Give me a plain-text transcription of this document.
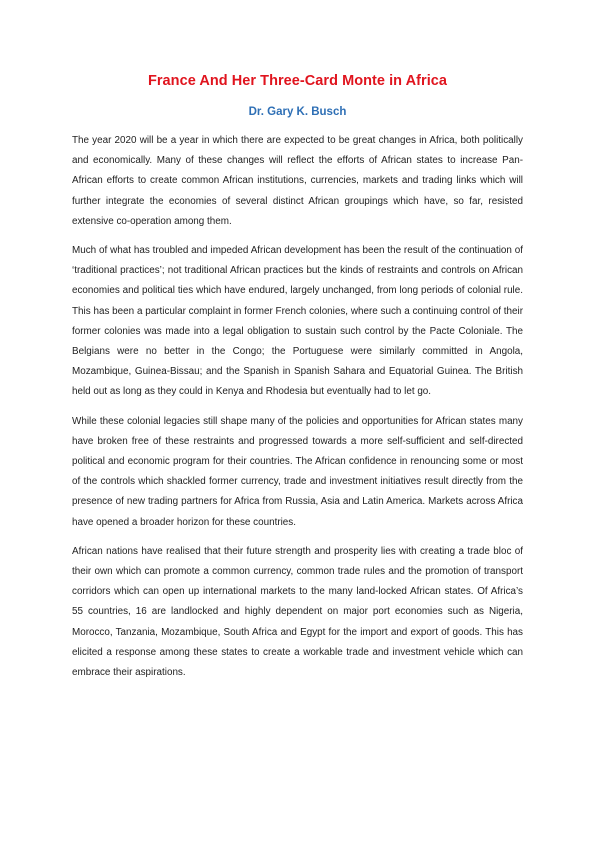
France And Her Three-Card Monte in Africa
Dr. Gary K. Busch

The year 2020 will be a year in which there are expected to be great changes in Africa, both politically and economically. Many of these changes will reflect the efforts of African states to increase Pan-African efforts to create common African institutions, currencies, markets and trading links which will further integrate the economies of several distinct African groupings which have, so far, resisted extensive co-operation among them.

Much of what has troubled and impeded African development has been the result of the continuation of ‘traditional practices’; not traditional African practices but the kinds of restraints and controls on African economies and political ties which have endured, largely unchanged, from long periods of colonial rule. This has been a particular complaint in former French colonies, where such a continuing control of their former colonies was made into a legal obligation to sustain such control by the Pacte Coloniale. The Belgians were no better in the Congo; the Portuguese were similarly committed in Angola, Mozambique, Guinea-Bissau; and the Spanish in Spanish Sahara and Equatorial Guinea. The British held out as long as they could in Kenya and Rhodesia but eventually had to let go.

While these colonial legacies still shape many of the policies and opportunities for African states many have broken free of these restraints and progressed towards a more self-sufficient and self-directed political and economic program for their countries. The African confidence in renouncing some or most of the controls which shackled former currency, trade and investment initiatives result directly from the presence of new trading partners for Africa from Russia, Asia and Latin America. Markets across Africa have opened a broader horizon for these countries.

African nations have realised that their future strength and prosperity lies with creating a trade bloc of their own which can promote a common currency, common trade rules and the promotion of transport corridors which can open up international markets to the many land-locked African states. Of Africa’s 55 countries, 16 are landlocked and highly dependent on major port economies such as Nigeria, Morocco, Tanzania, Mozambique, South Africa and Egypt for the import and export of goods. This has elicited a response among these states to create a workable trade and investment vehicle which can embrace their aspirations.
